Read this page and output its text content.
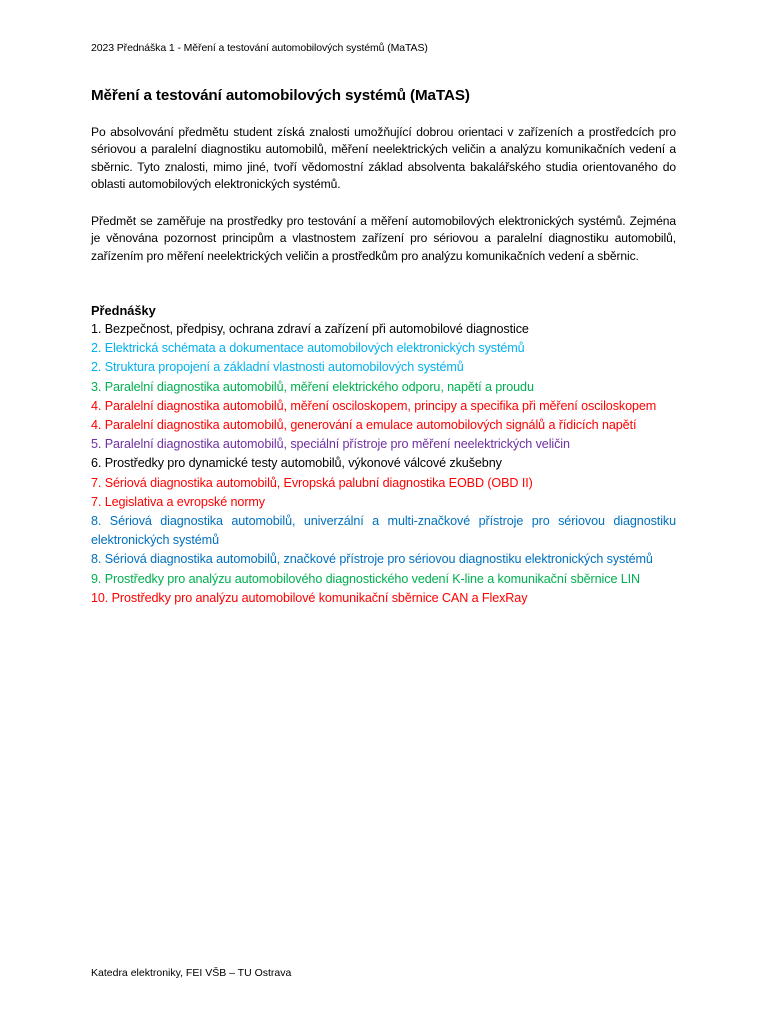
2023 Přednáška 1 - Měření a testování automobilových systémů (MaTAS)
Měření a testování automobilových systémů (MaTAS)

Po absolvování předmětu student získá znalosti umožňující dobrou orientaci v zařízeních a prostředcích pro sériovou a paralelní diagnostiku automobilů, měření neelektrických veličin a analýzu komunikačních vedení a sběrnic. Tyto znalosti, mimo jiné, tvoří vědomostní základ absolventa bakalářského studia orientovaného do oblasti automobilových elektronických systémů.

Předmět se zaměřuje na prostředky pro testování a měření automobilových elektronických systémů. Zejména je věnována pozornost principům a vlastnostem zařízení pro sériovou a paralelní diagnostiku automobilů, zařízením pro měření neelektrických veličin a prostředkům pro analýzu komunikačních vedení a sběrnic.

Přednášky
1. Bezpečnost, předpisy, ochrana zdraví a zařízení při automobilové diagnostice
2. Elektrická schémata a dokumentace automobilových elektronických systémů
2. Struktura propojení a základní vlastnosti automobilových systémů
3. Paralelní diagnostika automobilů, měření elektrického odporu, napětí a proudu
4. Paralelní diagnostika automobilů, měření osciloskopem, principy a specifika při měření osciloskopem
4. Paralelní diagnostika automobilů, generování a emulace automobilových signálů a řídicích napětí
5. Paralelní diagnostika automobilů, speciální přístroje pro měření neelektrických veličin
6. Prostředky pro dynamické testy automobilů, výkonové válcové zkušebny
7. Sériová diagnostika automobilů, Evropská palubní diagnostika EOBD (OBD II)
7. Legislativa a evropské normy
8. Sériová diagnostika automobilů, univerzální a multi-značkové přístroje pro sériovou diagnostiku elektronických systémů
8. Sériová diagnostika automobilů, značkové přístroje pro sériovou diagnostiku elektronických systémů
9. Prostředky pro analýzu automobilového diagnostického vedení K-line a komunikační sběrnice LIN
10. Prostředky pro analýzu automobilové komunikační sběrnice CAN a FlexRay
Katedra elektroniky, FEI VŠB – TU Ostrava
